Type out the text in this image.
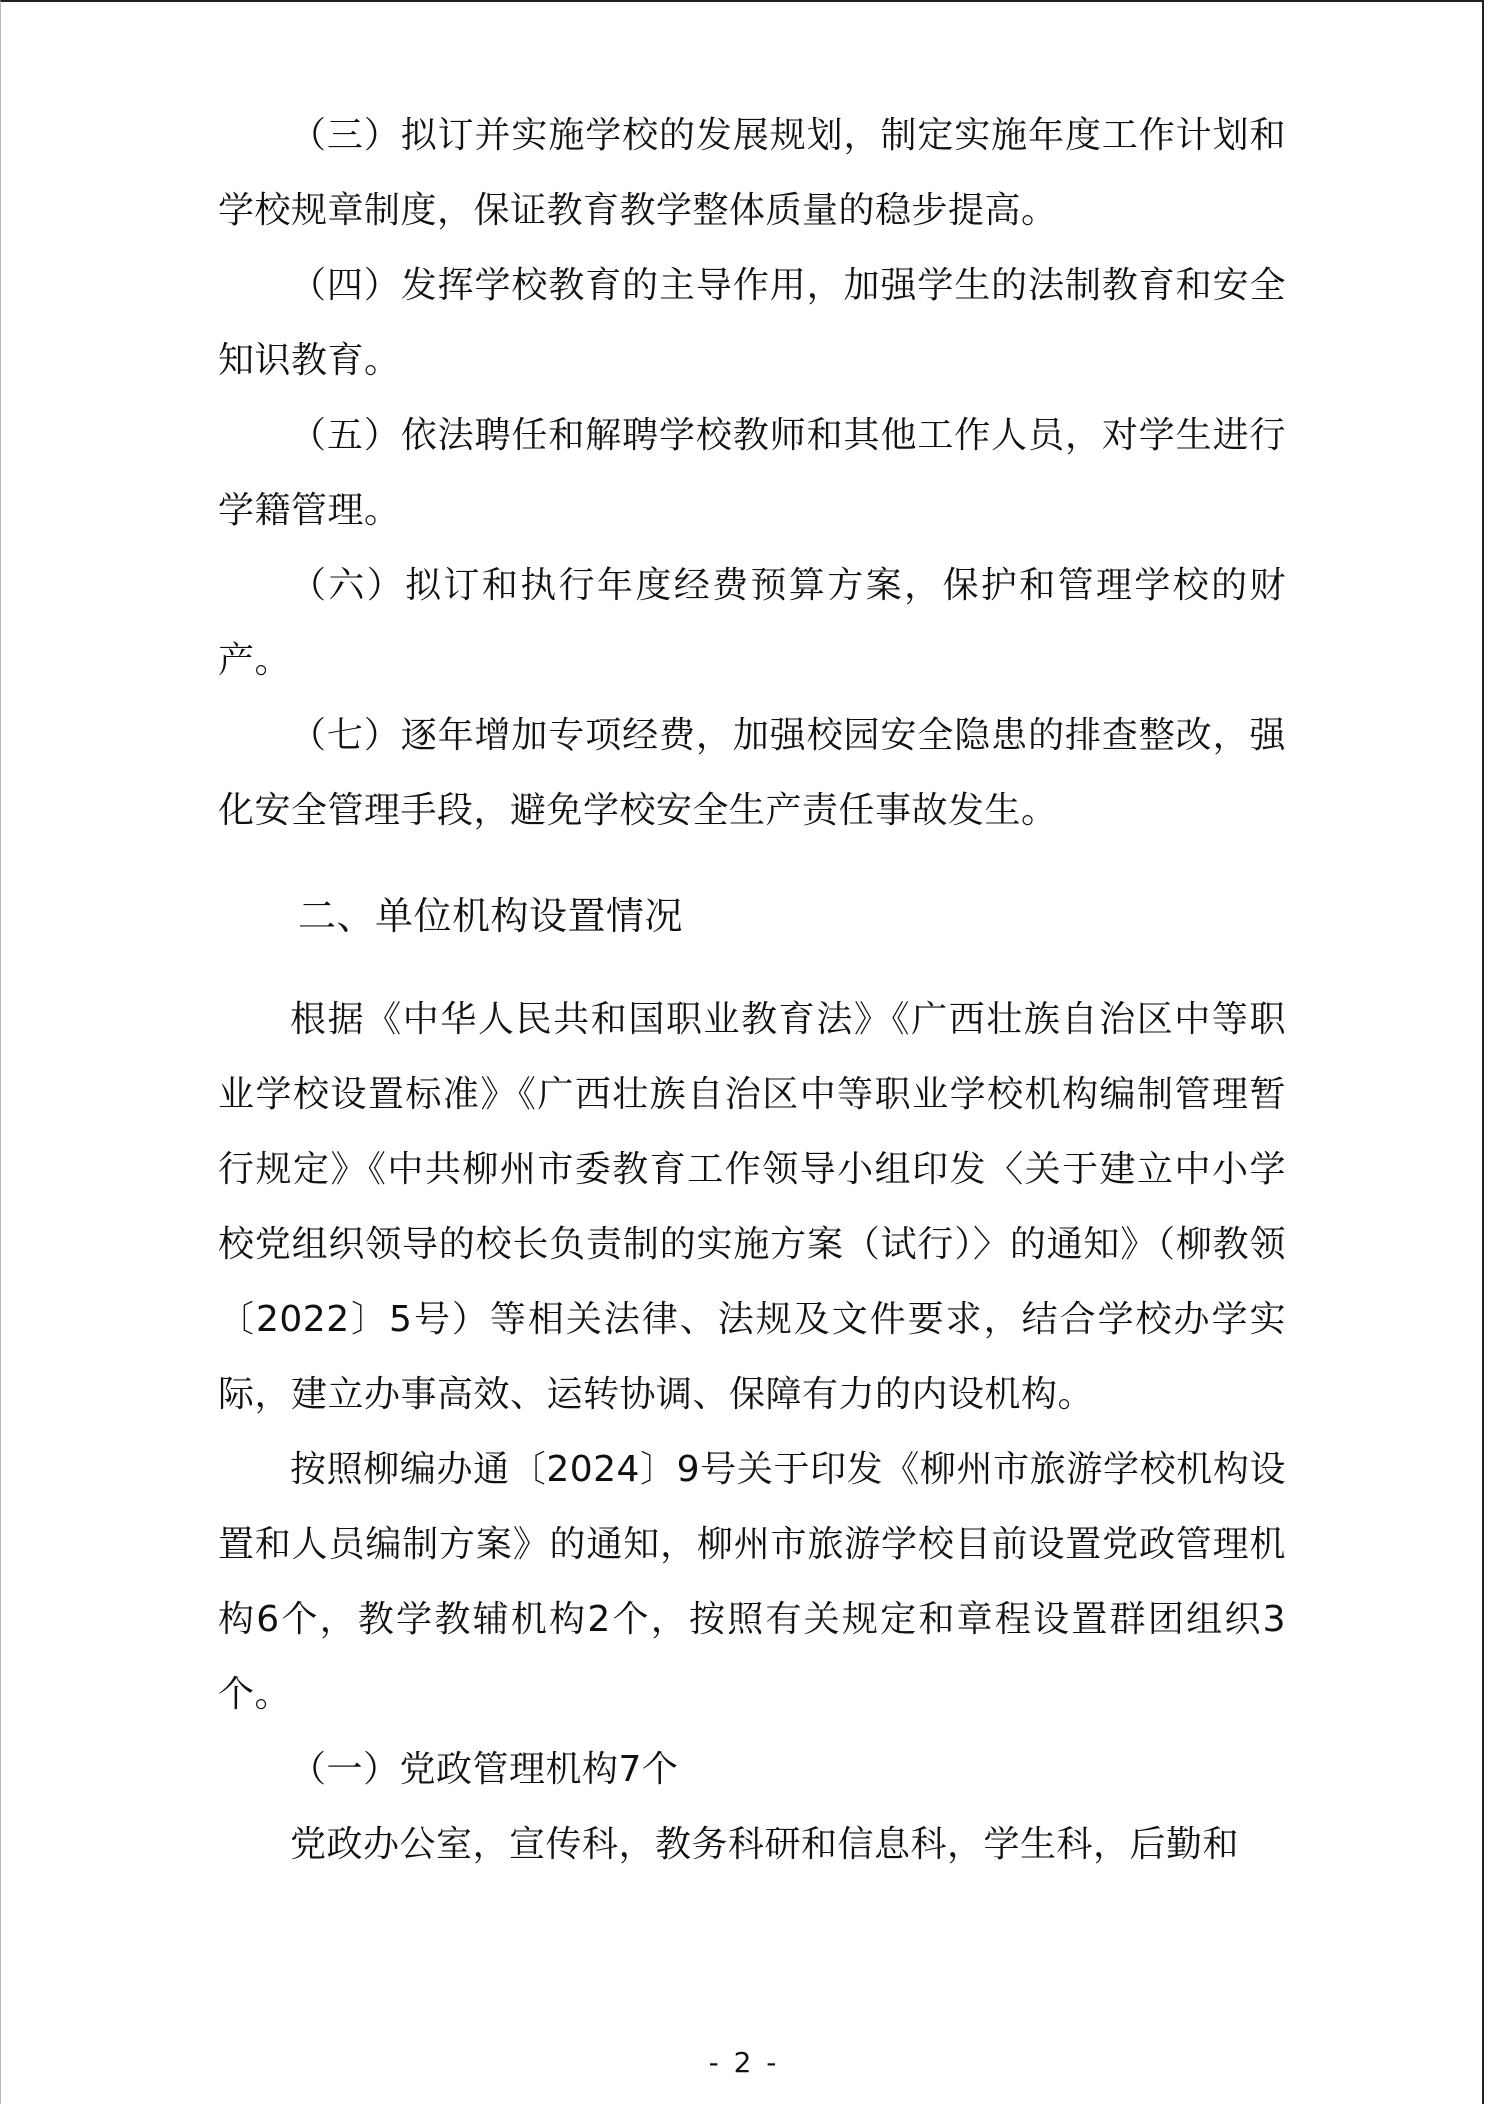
（三）拟订并实施学校的发展规划，制定实施年度工作计划和学校规章制度，保证教育教学整体质量的稳步提高。

（四）发挥学校教育的主导作用，加强学生的法制教育和安全知识教育。

（五）依法聘任和解聘学校教师和其他工作人员，对学生进行学籍管理。

（六）拟订和执行年度经费预算方案，保护和管理学校的财产。

（七）逐年增加专项经费，加强校园安全隐患的排查整改，强化安全管理手段，避免学校安全生产责任事故发生。

二、单位机构设置情况

根据《中华人民共和国职业教育法》《广西壮族自治区中等职业学校设置标准》《广西壮族自治区中等职业学校机构编制管理暂行规定》《中共柳州市委教育工作领导小组印发〈关于建立中小学校党组织领导的校长负责制的实施方案（试行）〉的通知》（柳教领〔2022〕5号）等相关法律、法规及文件要求，结合学校办学实际，建立办事高效、运转协调、保障有力的内设机构。

按照柳编办通〔2024〕9号关于印发《柳州市旅游学校机构设置和人员编制方案》的通知，柳州市旅游学校目前设置党政管理机构6个，教学教辅机构2个，按照有关规定和章程设置群团组织3个。

（一）党政管理机构7个

党政办公室，宣传科，教务科研和信息科，学生科，后勤和

- 2 -
